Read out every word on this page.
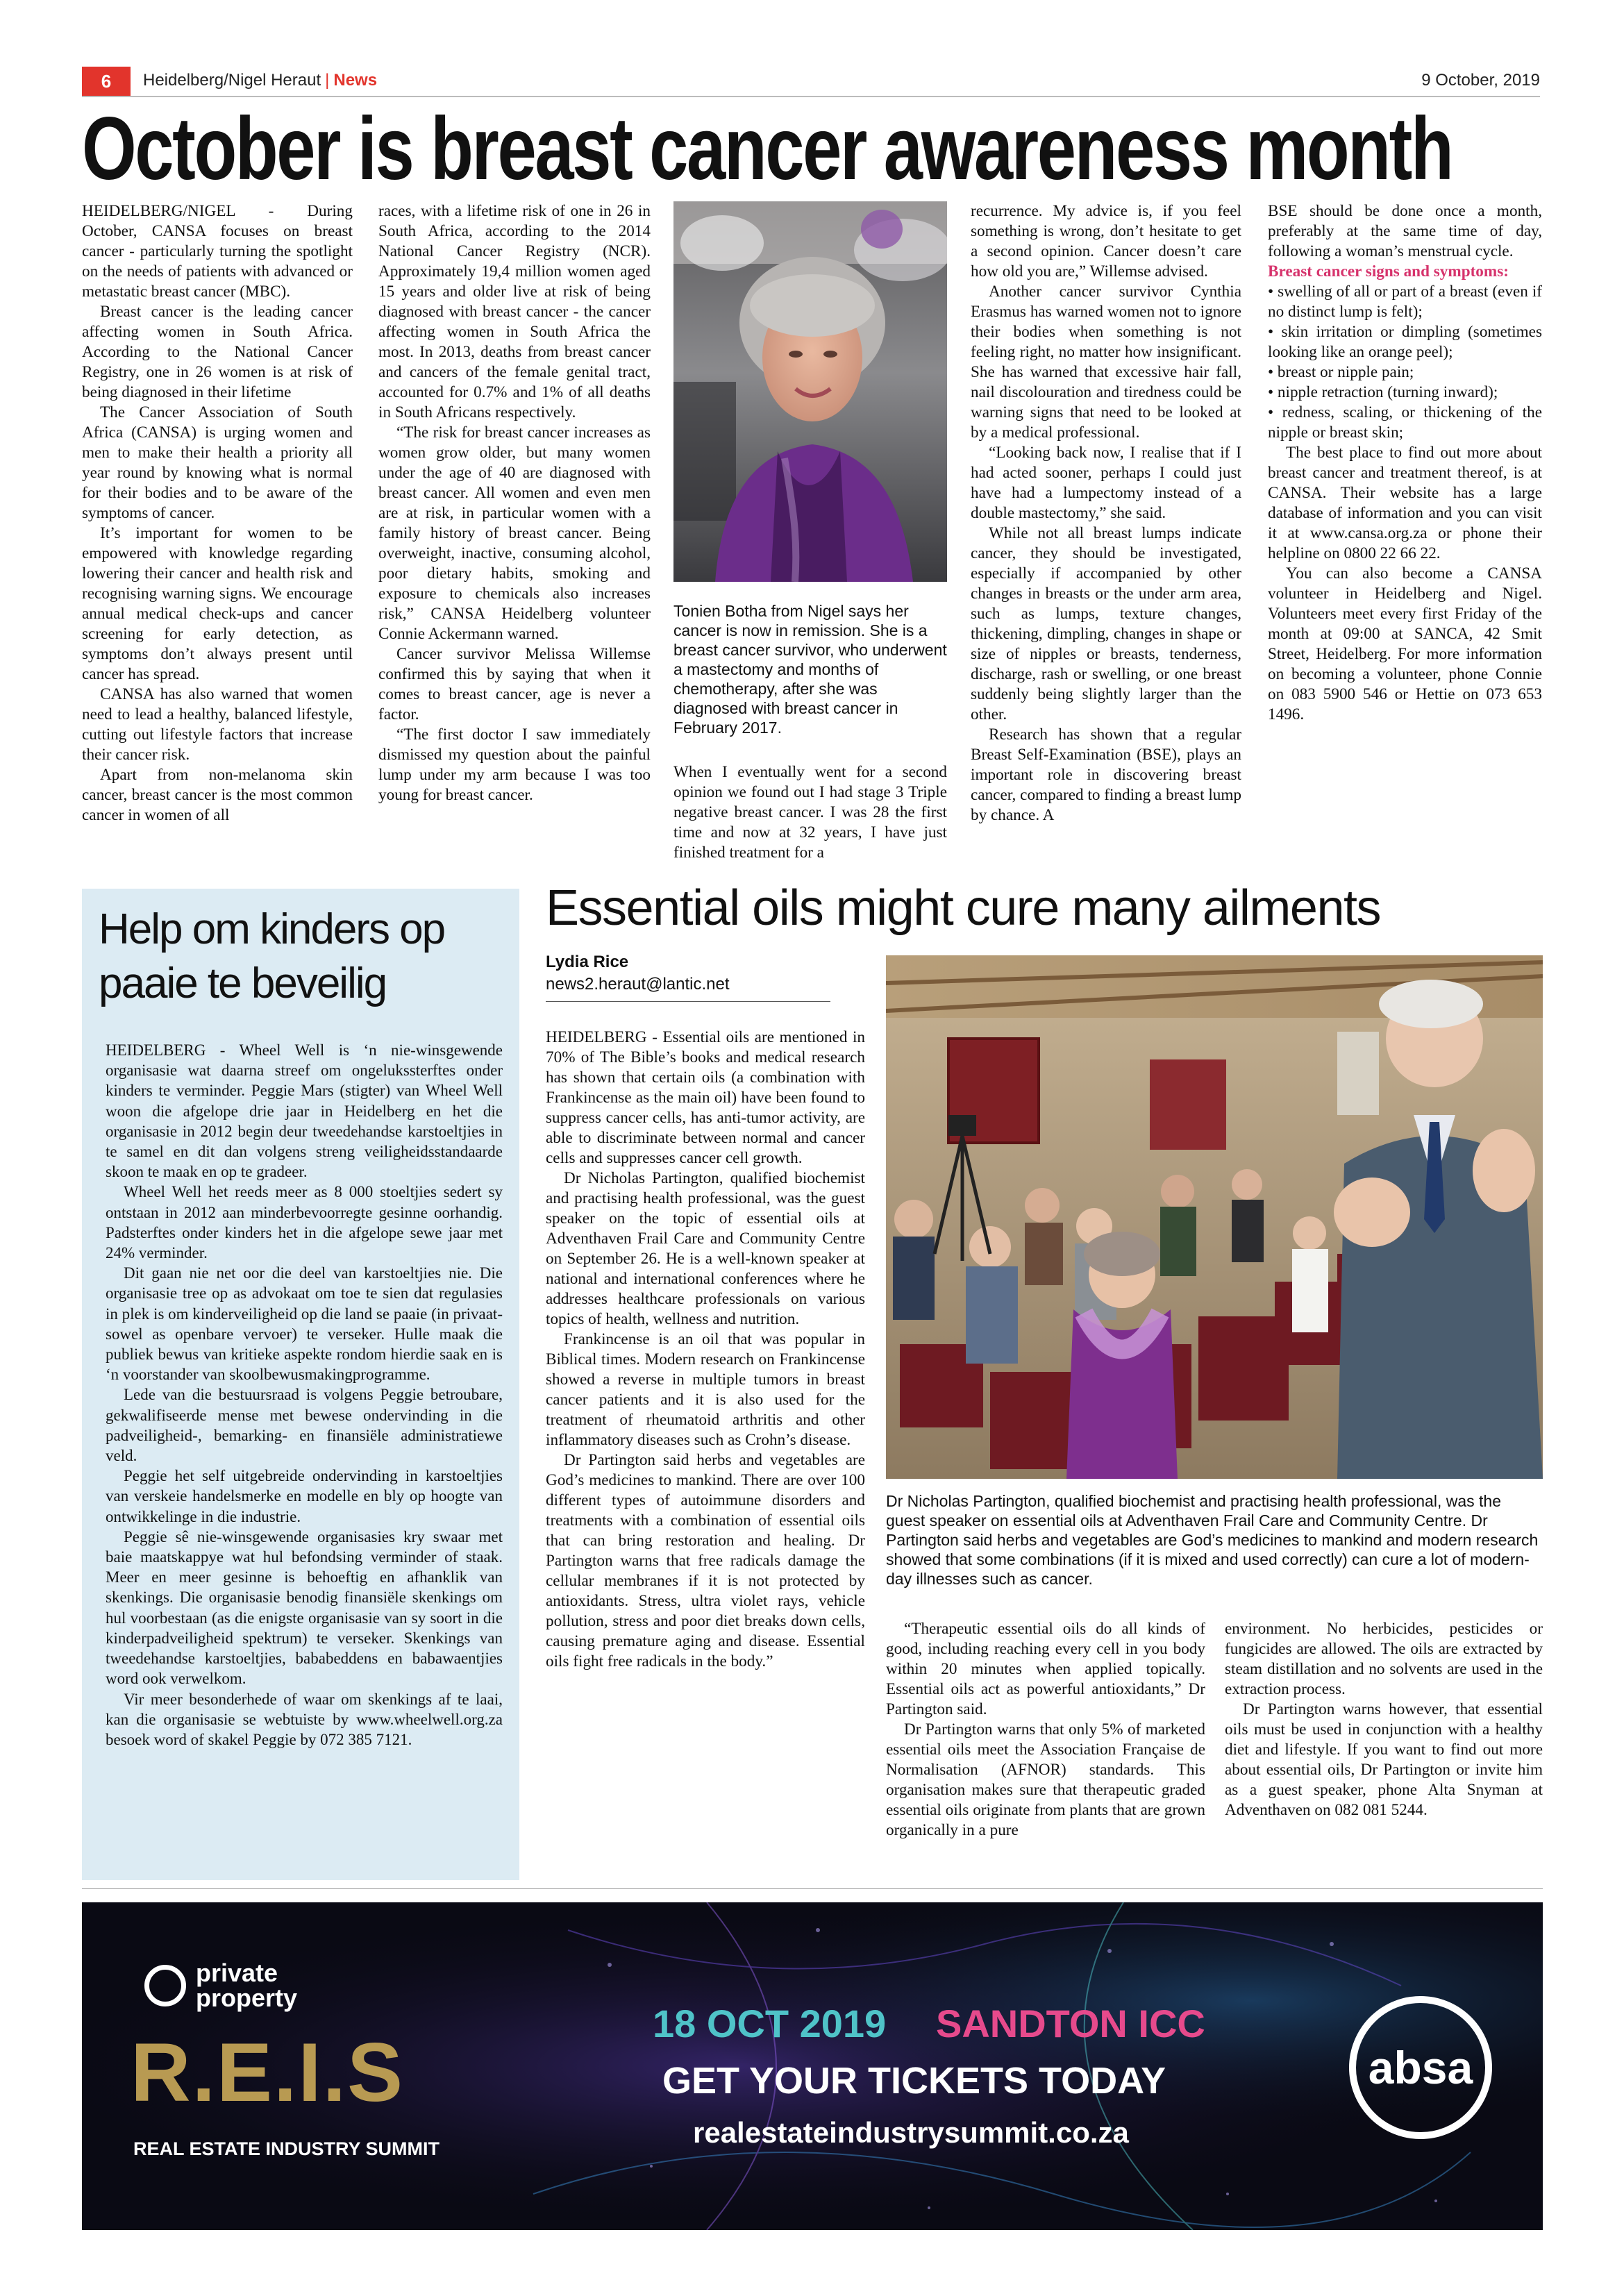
6	Heidelberg/Nigel Heraut | News	9 October, 2019
October is breast cancer awareness month

HEIDELBERG/NIGEL - During October, CANSA focuses on breast cancer - particularly turning the spotlight on the needs of patients with advanced or metastatic breast cancer (MBC).

Breast cancer is the leading cancer affecting women in South Africa. According to the National Cancer Registry, one in 26 women is at risk of being diagnosed in their lifetime

The Cancer Association of South Africa (CANSA) is urging women and men to make their health a priority all year round by knowing what is normal for their bodies and to be aware of the symptoms of cancer.

It’s important for women to be empowered with knowledge regarding lowering their cancer and health risk and recognising warning signs. We encourage annual medical check-ups and cancer screening for early detection, as symptoms don’t always present until cancer has spread.

CANSA has also warned that women need to lead a healthy, balanced lifestyle, cutting out lifestyle factors that increase their cancer risk.

Apart from non-melanoma skin cancer, breast cancer is the most common cancer in women of all

races, with a lifetime risk of one in 26 in South Africa, according to the 2014 National Cancer Registry (NCR). Approximately 19,4 million women aged 15 years and older live at risk of being diagnosed with breast cancer - the cancer affecting women in South Africa the most. In 2013, deaths from breast cancer and cancers of the female genital tract, accounted for 0.7% and 1% of all deaths in South Africans respectively.

“The risk for breast cancer increases as women grow older, but many women under the age of 40 are diagnosed with breast cancer. All women and even men are at risk, in particular women with a family history of breast cancer. Being overweight, inactive, consuming alcohol, poor dietary habits, smoking and exposure to chemicals also increases risk,” CANSA Heidelberg volunteer Connie Ackermann warned.

Cancer survivor Melissa Willemse confirmed this by saying that when it comes to breast cancer, age is never a factor.

“The first doctor I saw immediately dismissed my question about the painful lump under my arm because I was too young for breast cancer.

Tonien Botha from Nigel says her cancer is now in remission. She is a breast cancer survivor, who underwent a mastectomy and months of chemotherapy, after she was diagnosed with breast cancer in February 2017.

When I eventually went for a second opinion we found out I had stage 3 Triple negative breast cancer. I was 28 the first time and now at 32 years, I have just finished treatment for a

recurrence. My advice is, if you feel something is wrong, don’t hesitate to get a second opinion. Cancer doesn’t care how old you are,” Willemse advised.

Another cancer survivor Cynthia Erasmus has warned women not to ignore their bodies when something is not feeling right, no matter how insignificant. She has warned that excessive hair fall, nail discolouration and tiredness could be warning signs that need to be looked at by a medical professional.

“Looking back now, I realise that if I had acted sooner, perhaps I could just have had a lumpectomy instead of a double mastectomy,” she said.

While not all breast lumps indicate cancer, they should be investigated, especially if accompanied by other changes in breasts or the under arm area, such as lumps, texture changes, thickening, dimpling, changes in shape or size of nipples or breasts, tenderness, discharge, rash or swelling, or one breast suddenly being slightly larger than the other.

Research has shown that a regular Breast Self-Examination (BSE), plays an important role in discovering breast cancer, compared to finding a breast lump by chance. A

BSE should be done once a month, preferably at the same time of day, following a woman’s menstrual cycle.

Breast cancer signs and symptoms:

• swelling of all or part of a breast (even if no distinct lump is felt);

• skin irritation or dimpling (sometimes looking like an orange peel);

• breast or nipple pain;

• nipple retraction (turning inward);

• redness, scaling, or thickening of the nipple or breast skin;

The best place to find out more about breast cancer and treatment thereof, is at CANSA. Their website has a large database of information and you can visit it at www.cansa.org.za or phone their helpline on 0800 22 66 22.

You can also become a CANSA volunteer in Heidelberg and Nigel. Volunteers meet every first Friday of the month at 09:00 at SANCA, 42 Smit Street, Heidelberg. For more information on becoming a volunteer, phone Connie on 083 5900 546 or Hettie on 073 653 1496.

Help om kinders op paaie te beveilig

HEIDELBERG - Wheel Well is ‘n nie-winsgewende organisasie wat daarna streef om ongelukssterftes onder kinders te verminder. Peggie Mars (stigter) van Wheel Well woon die afgelope drie jaar in Heidelberg en het die organisasie in 2012 begin deur tweedehandse karstoeltjies in te samel en dit dan volgens streng veiligheidsstandaarde skoon te maak en op te gradeer.

Wheel Well het reeds meer as 8 000 stoeltjies sedert sy ontstaan in 2012 aan minderbevoorregte gesinne oorhandig. Padsterftes onder kinders het in die afgelope sewe jaar met 24% verminder.

Dit gaan nie net oor die deel van karstoeltjies nie. Die organisasie tree op as advokaat om toe te sien dat regulasies in plek is om kinderveiligheid op die land se paaie (in privaat- sowel as openbare vervoer) te verseker. Hulle maak die publiek bewus van kritieke aspekte rondom hierdie saak en is ‘n voorstander van skoolbewusmakingprogramme.

Lede van die bestuursraad is volgens Peggie betroubare, gekwalifiseerde mense met bewese ondervinding in die padveiligheid-, bemarking- en finansiële administratiewe veld.

Peggie het self uitgebreide ondervinding in karstoeltjies van verskeie handelsmerke en modelle en bly op hoogte van ontwikkelinge in die industrie.

Peggie sê nie-winsgewende organisasies kry swaar met baie maatskappye wat hul befondsing verminder of staak. Meer en meer gesinne is behoeftig en afhanklik van skenkings. Die organisasie benodig finansiële skenkings om hul voorbestaan (as die enigste organisasie van sy soort in die kinderpadveiligheid spektrum) te verseker. Skenkings van tweedehandse karstoeltjies, bababeddens en babawaentjies word ook verwelkom.

Vir meer besonderhede of waar om skenkings af te laai, kan die organisasie se webtuiste by www.wheelwell.org.za besoek word of skakel Peggie by 072 385 7121.

Essential oils might cure many ailments
Lydia Rice
news2.heraut@lantic.net

HEIDELBERG - Essential oils are mentioned in 70% of The Bible’s books and medical research has shown that certain oils (a combination with Frankincense as the main oil) have been found to suppress cancer cells, has anti-tumor activity, are able to discriminate between normal and cancer cells and suppresses cancer cell growth.

Dr Nicholas Partington, qualified biochemist and practising health professional, was the guest speaker on the topic of essential oils at Adventhaven Frail Care and Community Centre on September 26. He is a well-known speaker at national and international conferences where he addresses healthcare professionals on various topics of health, wellness and nutrition.

Frankincense is an oil that was popular in Biblical times. Modern research on Frankincense showed a reverse in multiple tumors in breast cancer patients and it is also used for the treatment of rheumatoid arthritis and other inflammatory diseases such as Crohn’s disease.

Dr Partington said herbs and vegetables are God’s medicines to mankind. There are over 100 different types of autoimmune disorders and treatments with a combination of essential oils that can bring restoration and healing. Dr Partington warns that free radicals damage the cellular membranes if it is not protected by antioxidants. Stress, ultra violet rays, vehicle pollution, stress and poor diet breaks down cells, causing premature aging and disease. Essential oils fight free radicals in the body.”

Dr Nicholas Partington, qualified biochemist and practising health professional, was the guest speaker on essential oils at Adventhaven Frail Care and Community Centre. Dr Partington said herbs and vegetables are God’s medicines to mankind and modern research showed that some combinations (if it is mixed and used correctly) can cure a lot of modern-day illnesses such as cancer.

“Therapeutic essential oils do all kinds of good, including reaching every cell in you body within 20 minutes when applied topically. Essential oils act as powerful antioxidants,” Dr Partington said.

Dr Partington warns that only 5% of marketed essential oils meet the Association Française de Normalisation (AFNOR) standards. This organisation makes sure that therapeutic graded essential oils originate from plants that are grown organically in a pure

environment. No herbicides, pesticides or fungicides are allowed. The oils are extracted by steam distillation and no solvents are used in the extraction process.

Dr Partington warns however, that essential oils must be used in conjunction with a healthy diet and lifestyle. If you want to find out more about essential oils, Dr Partington or invite him as a guest speaker, phone Alta Snyman at Adventhaven on 082 081 5244.

private
property
R.E.I.S
REAL ESTATE INDUSTRY SUMMIT
18 OCT 2019 SANDTON ICC
GET YOUR TICKETS TODAY
realestateindustrysummit.co.za
absa
